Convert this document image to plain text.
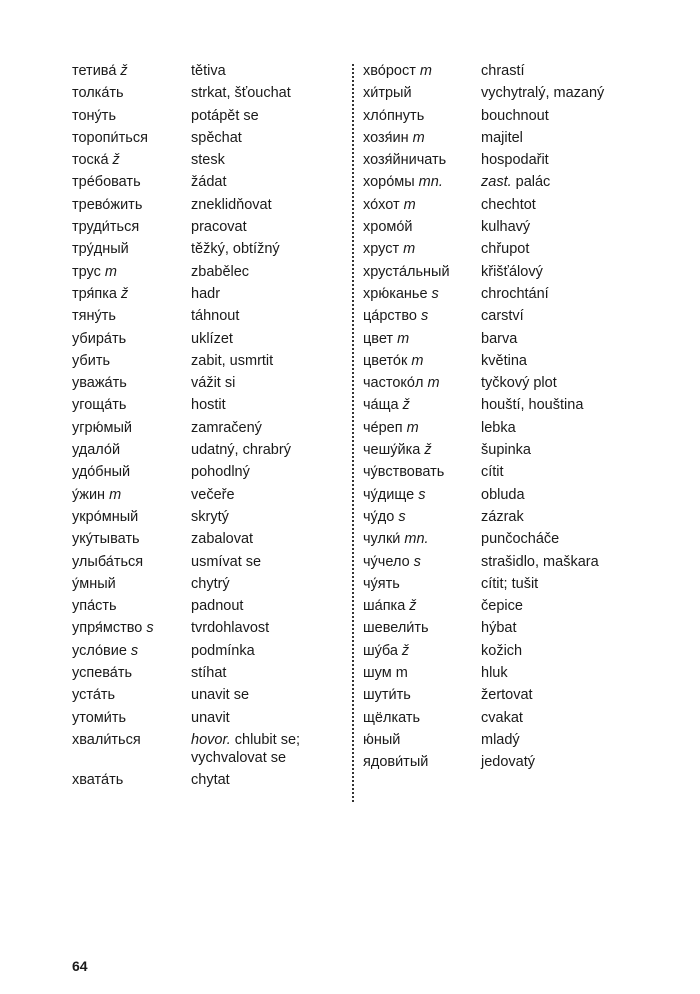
тетива́ ž	tětiva
толка́ть	strkat, šťouchat
тону́ть	potápět se
торопи́ться	spěchat
тоска́ ž	stesk
тре́бовать	žádat
трево́жить	zneklidňovat
труди́ться	pracovat
тру́дный	těžký, obtížný
трус m	zbabělec
тря́пка ž	hadr
тяну́ть	táhnout
убира́ть	uklízet
убить	zabit, usmrtit
уважа́ть	vážit si
угоща́ть	hostit
угрю́мый	zamračený
удало́й	udatný, chrabrý
удо́бный	pohodlný
у́жин m	večeře
укро́мный	skrytý
уку́тывать	zabalovat
улыба́ться	usmívat se
у́мный	chytrý
упа́сть	padnout
упря́мство s	tvrdohlavost
усло́вие s	podmínka
успева́ть	stíhat
уста́ть	unavit se
утоми́ть	unavit
хвали́ться	hovor. chlubit se;
vychvalovat se
хвата́ть	chytat
хво́рост m	chrastí
хи́трый	vychytralý, mazaný
хло́пнуть	bouchnout
хозя́ин m	majitel
хозя́йничать	hospodařit
хоро́мы mn.	zast. palác
хо́хот m	chechtot
хромо́й	kulhavý
хруст m	chřupot
хруста́льный	křišťálový
хрю́канье s	chrochtání
ца́рство s	carství
цвет m	barva
цвето́к m	květina
частоко́л m	tyčkový plot
ча́ща ž	houští, houština
че́реп m	lebka
чешу́йка ž	šupinka
чу́вствовать	cítit
чу́дище s	obluda
чу́до s	zázrak
чулки́ mn.	punčocháče
чу́чело s	strašidlo, maškara
чу́ять	cítit; tušit
ша́пка ž	čepice
шевели́ть	hýbat
шу́ба ž	kožich
шум m	hluk
шути́ть	žertovat
щёлкать	cvakat
ю́ный	mladý
ядови́тый	jedovatý
64
